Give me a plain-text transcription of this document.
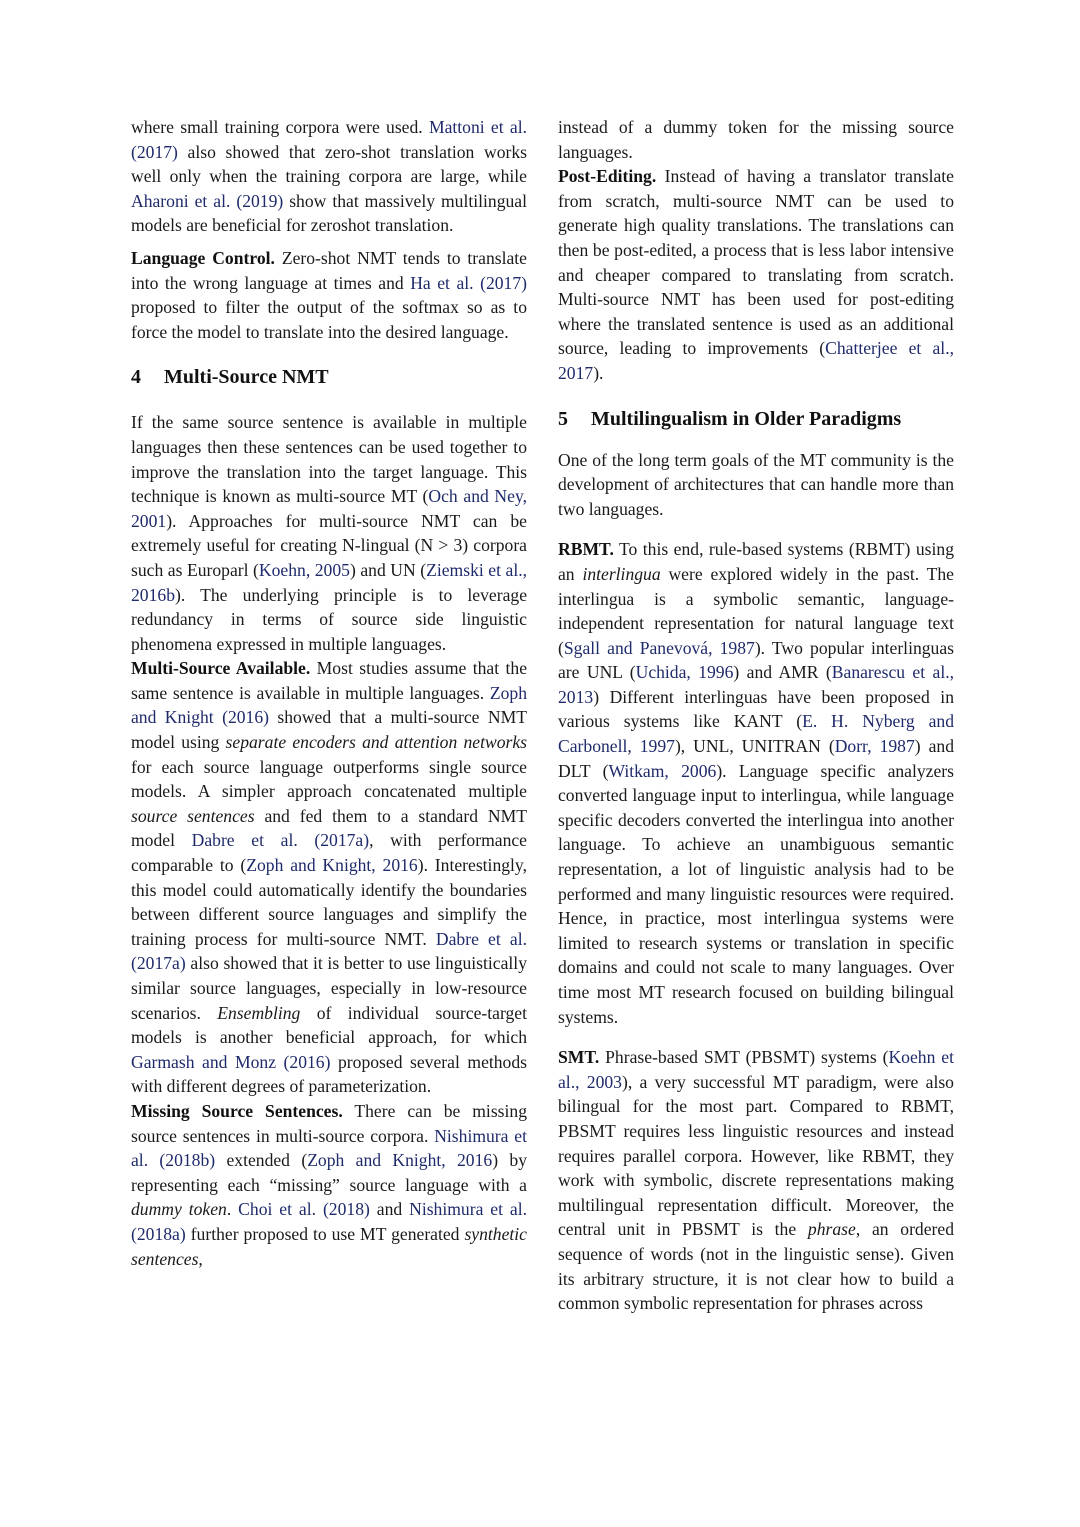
where small training corpora were used. Mattoni et al. (2017) also showed that zero-shot translation works well only when the training corpora are large, while Aharoni et al. (2019) show that massively multilingual models are beneficial for zeroshot translation.

Language Control. Zero-shot NMT tends to translate into the wrong language at times and Ha et al. (2017) proposed to filter the output of the softmax so as to force the model to translate into the desired language.

4 Multi-Source NMT

If the same source sentence is available in multiple languages then these sentences can be used together to improve the translation into the target language. This technique is known as multi-source MT (Och and Ney, 2001). Approaches for multi-source NMT can be extremely useful for creating N-lingual (N > 3) corpora such as Europarl (Koehn, 2005) and UN (Ziemski et al., 2016b). The underlying principle is to leverage redundancy in terms of source side linguistic phenomena expressed in multiple languages.

Multi-Source Available. Most studies assume that the same sentence is available in multiple languages. Zoph and Knight (2016) showed that a multi-source NMT model using separate encoders and attention networks for each source language outperforms single source models. A simpler approach concatenated multiple source sentences and fed them to a standard NMT model Dabre et al. (2017a), with performance comparable to (Zoph and Knight, 2016). Interestingly, this model could automatically identify the boundaries between different source languages and simplify the training process for multi-source NMT. Dabre et al. (2017a) also showed that it is better to use linguistically similar source languages, especially in low-resource scenarios. Ensembling of individual source-target models is another beneficial approach, for which Garmash and Monz (2016) proposed several methods with different degrees of parameterization.

Missing Source Sentences. There can be missing source sentences in multi-source corpora. Nishimura et al. (2018b) extended (Zoph and Knight, 2016) by representing each “missing” source language with a dummy token. Choi et al. (2018) and Nishimura et al. (2018a) further proposed to use MT generated synthetic sentences,

instead of a dummy token for the missing source languages.

Post-Editing. Instead of having a translator translate from scratch, multi-source NMT can be used to generate high quality translations. The translations can then be post-edited, a process that is less labor intensive and cheaper compared to translating from scratch. Multi-source NMT has been used for post-editing where the translated sentence is used as an additional source, leading to improvements (Chatterjee et al., 2017).

5 Multilingualism in Older Paradigms

One of the long term goals of the MT community is the development of architectures that can handle more than two languages.

RBMT. To this end, rule-based systems (RBMT) using an interlingua were explored widely in the past. The interlingua is a symbolic semantic, language-independent representation for natural language text (Sgall and Panevová, 1987). Two popular interlinguas are UNL (Uchida, 1996) and AMR (Banarescu et al., 2013) Different interlinguas have been proposed in various systems like KANT (E. H. Nyberg and Carbonell, 1997), UNL, UNITRAN (Dorr, 1987) and DLT (Witkam, 2006). Language specific analyzers converted language input to interlingua, while language specific decoders converted the interlingua into another language. To achieve an unambiguous semantic representation, a lot of linguistic analysis had to be performed and many linguistic resources were required. Hence, in practice, most interlingua systems were limited to research systems or translation in specific domains and could not scale to many languages. Over time most MT research focused on building bilingual systems.

SMT. Phrase-based SMT (PBSMT) systems (Koehn et al., 2003), a very successful MT paradigm, were also bilingual for the most part. Compared to RBMT, PBSMT requires less linguistic resources and instead requires parallel corpora. However, like RBMT, they work with symbolic, discrete representations making multilingual representation difficult. Moreover, the central unit in PBSMT is the phrase, an ordered sequence of words (not in the linguistic sense). Given its arbitrary structure, it is not clear how to build a common symbolic representation for phrases across
